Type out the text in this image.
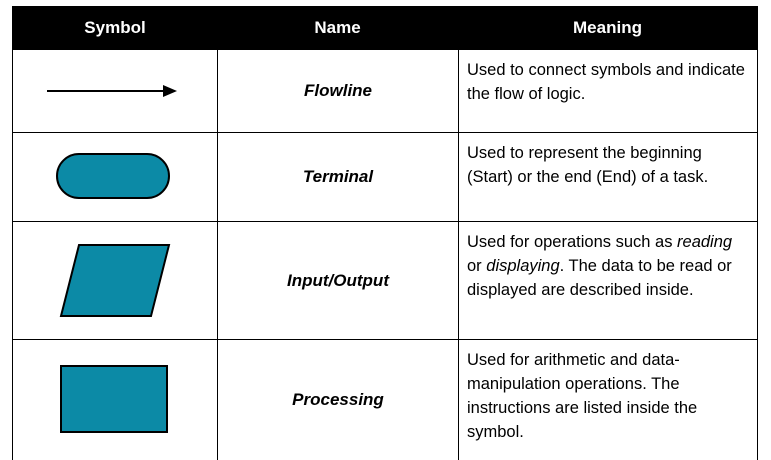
Symbol	Name	Meaning
Flowline
Used to connect symbols and indicate the flow of logic.
Terminal
Used to represent the beginning (Start) or the end (End) of a task.
Input/Output
Used for operations such as reading or displaying. The data to be read or displayed are described inside.
Processing
Used for arithmetic and data-manipulation operations. The instructions are listed inside the symbol.
